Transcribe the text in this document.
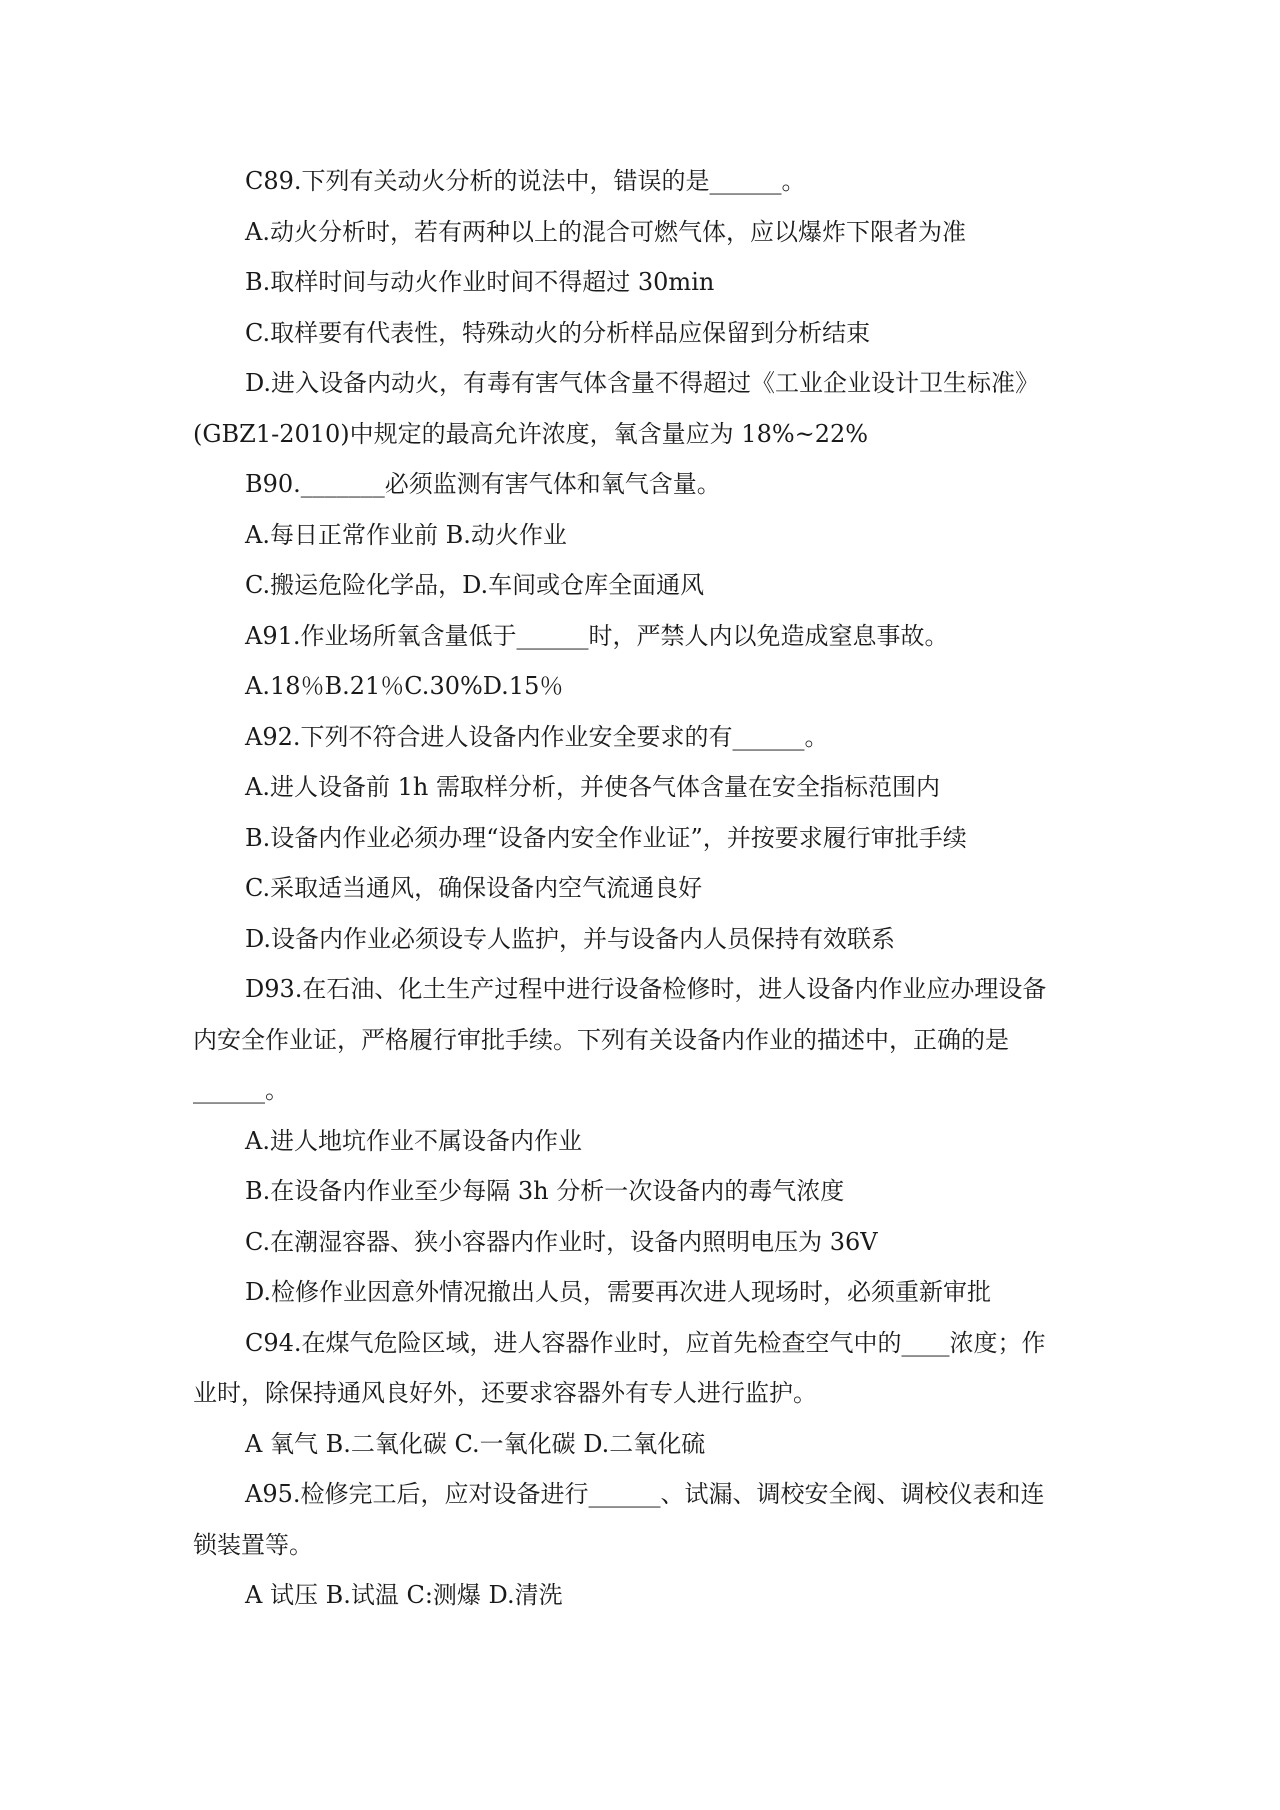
C89.下列有关动火分析的说法中，错误的是______。
A.动火分析时，若有两种以上的混合可燃气体，应以爆炸下限者为准
B.取样时间与动火作业时间不得超过 30min
C.取样要有代表性，特殊动火的分析样品应保留到分析结束
D.进入设备内动火，有毒有害气体含量不得超过《工业企业设计卫生标准》
(GBZ1-2010)中规定的最高允许浓度，氧含量应为 18%~22%
B90._______必须监测有害气体和氧气含量。
A.每日正常作业前 B.动火作业
C.搬运危险化学品，D.车间或仓库全面通风
A91.作业场所氧含量低于______时，严禁人内以免造成窒息事故。
A.18％B.21％C.30%D.15％
A92.下列不符合进人设备内作业安全要求的有______。
A.进人设备前 1h 需取样分析，并使各气体含量在安全指标范围内
B.设备内作业必须办理“设备内安全作业证”，并按要求履行审批手续
C.采取适当通风，确保设备内空气流通良好
D.设备内作业必须设专人监护，并与设备内人员保持有效联系
D93.在石油、化土生产过程中进行设备检修时，进人设备内作业应办理设备
内安全作业证，严格履行审批手续。下列有关设备内作业的描述中，正确的是
______。
A.进人地坑作业不属设备内作业
B.在设备内作业至少每隔 3h 分析一次设备内的毒气浓度
C.在潮湿容器、狭小容器内作业时，设备内照明电压为 36V
D.检修作业因意外情况撤出人员，需要再次进人现场时，必须重新审批
C94.在煤气危险区域，进人容器作业时，应首先检查空气中的____浓度；作
业时，除保持通风良好外，还要求容器外有专人进行监护。
A 氧气 B.二氧化碳 C.一氧化碳 D.二氧化硫
A95.检修完工后，应对设备进行______、试漏、调校安全阀、调校仪表和连
锁装置等。
A 试压 B.试温 C:测爆 D.清洗
